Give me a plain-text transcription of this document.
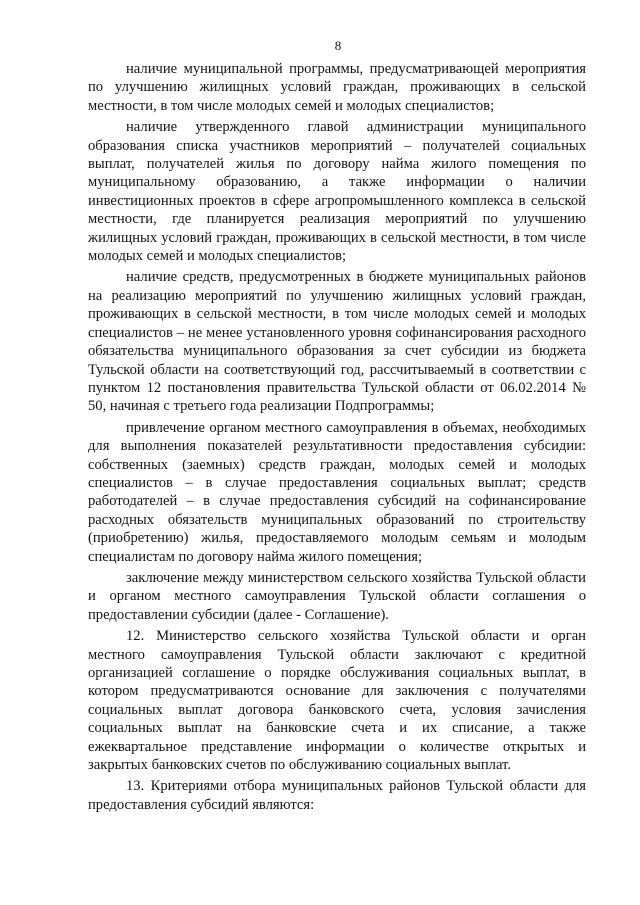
8

наличие муниципальной программы, предусматривающей мероприятия по улучшению жилищных условий граждан, проживающих в сельской местности, в том числе молодых семей и молодых специалистов;

наличие утвержденного главой администрации муниципального образования списка участников мероприятий – получателей социальных выплат, получателей жилья по договору найма жилого помещения по муниципальному образованию, а также информации о наличии инвестиционных проектов в сфере агропромышленного комплекса в сельской местности, где планируется реализация мероприятий по улучшению жилищных условий граждан, проживающих в сельской местности, в том числе молодых семей и молодых специалистов;

наличие средств, предусмотренных в бюджете муниципальных районов на реализацию мероприятий по улучшению жилищных условий граждан, проживающих в сельской местности, в том числе молодых семей и молодых специалистов – не менее установленного уровня софинансирования расходного обязательства муниципального образования за счет субсидии из бюджета Тульской области на соответствующий год, рассчитываемый в соответствии с пунктом 12 постановления правительства Тульской области от 06.02.2014 № 50, начиная с третьего года реализации Подпрограммы;

привлечение органом местного самоуправления в объемах, необходимых для выполнения показателей результативности предоставления субсидии: собственных (заемных) средств граждан, молодых семей и молодых специалистов – в случае предоставления социальных выплат; средств работодателей – в случае предоставления субсидий на софинансирование расходных обязательств муниципальных образований по строительству (приобретению) жилья, предоставляемого молодым семьям и молодым специалистам по договору найма жилого помещения;

заключение между министерством сельского хозяйства Тульской области и органом местного самоуправления Тульской области соглашения о предоставлении субсидии (далее - Соглашение).

12. Министерство сельского хозяйства Тульской области и орган местного самоуправления Тульской области заключают с кредитной организацией соглашение о порядке обслуживания социальных выплат, в котором предусматриваются основание для заключения с получателями социальных выплат договора банковского счета, условия зачисления социальных выплат на банковские счета и их списание, а также ежеквартальное представление информации о количестве открытых и закрытых банковских счетов по обслуживанию социальных выплат.

13. Критериями отбора муниципальных районов Тульской области для предоставления субсидий являются:
